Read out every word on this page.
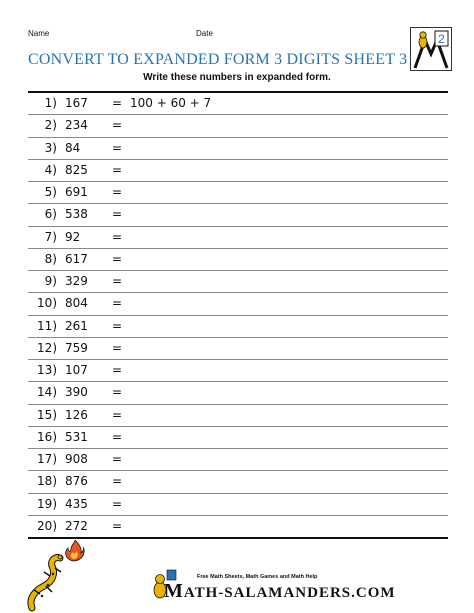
Name	Date
CONVERT TO EXPANDED FORM 3 DIGITS SHEET 3
Write these numbers in expanded form.
2
1) 167 = 100 + 60 + 7
2) 234 =
3) 84	=
4) 825 =
5) 691 =
6) 538 =
7) 92	=
8) 617 =
9) 329 =
10) 804 =
11) 261 =
12) 759 =
13) 107 =
14) 390 =
15) 126 =
16) 531 =
17) 908 =
18) 876 =
19) 435 =
20) 272 =
Free Math Sheets, Math Games and Math Help
MATH-SALAMANDERS.COM
